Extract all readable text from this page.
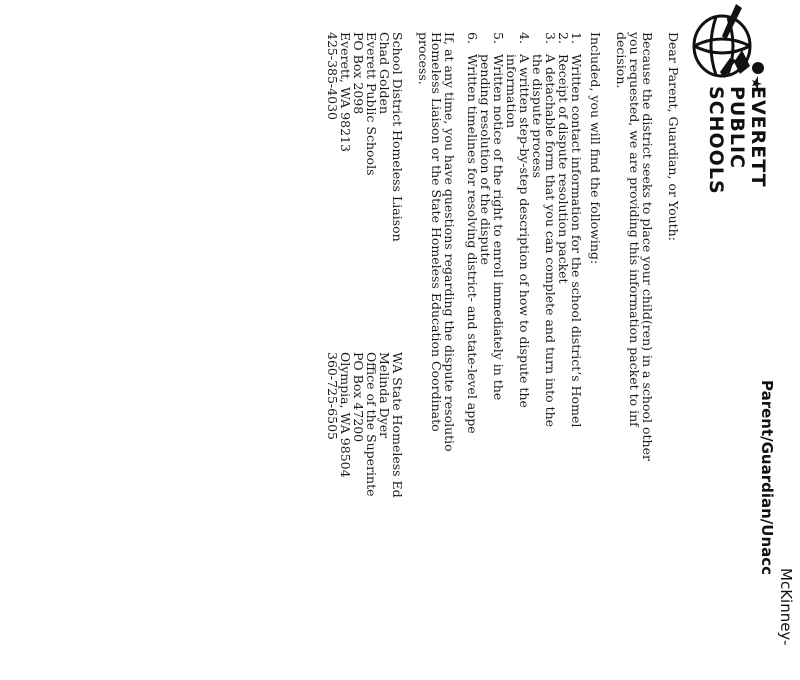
EVERETT
PUBLIC
SCHOOLS
McKinney-
Parent/Guardian/Unacc

Dear Parent, Guardian, or Youth:

Because the district seeks to place your child(ren) in a school other
you requested, we are providing this information packet to inf
decision.

Included, you will find the following:

1.
Written contact information for the school district’s Homel
2.
Receipt of dispute resolution packet
3.
A detachable form that you can complete and turn into the
the dispute process
4.
A written step-by-step description of how to dispute the
information
5.
Written notice of the right to enroll immediately in the
pending resolution of the dispute
6.
Written timelines for resolving district- and state-level appe
If, at any time, you have questions regarding the dispute resolutio
Homeless Liaison or the State Homeless Education Coordinato
process.
School District Homeless Liaison
Chad Golden
Everett Public Schools
PO Box 2098
Everett, WA 98213
425-385-4030
WA State Homeless Ed
Melinda Dyer
Office of the Superinte
PO Box 47200
Olympia, WA 98504
360-725-6505
